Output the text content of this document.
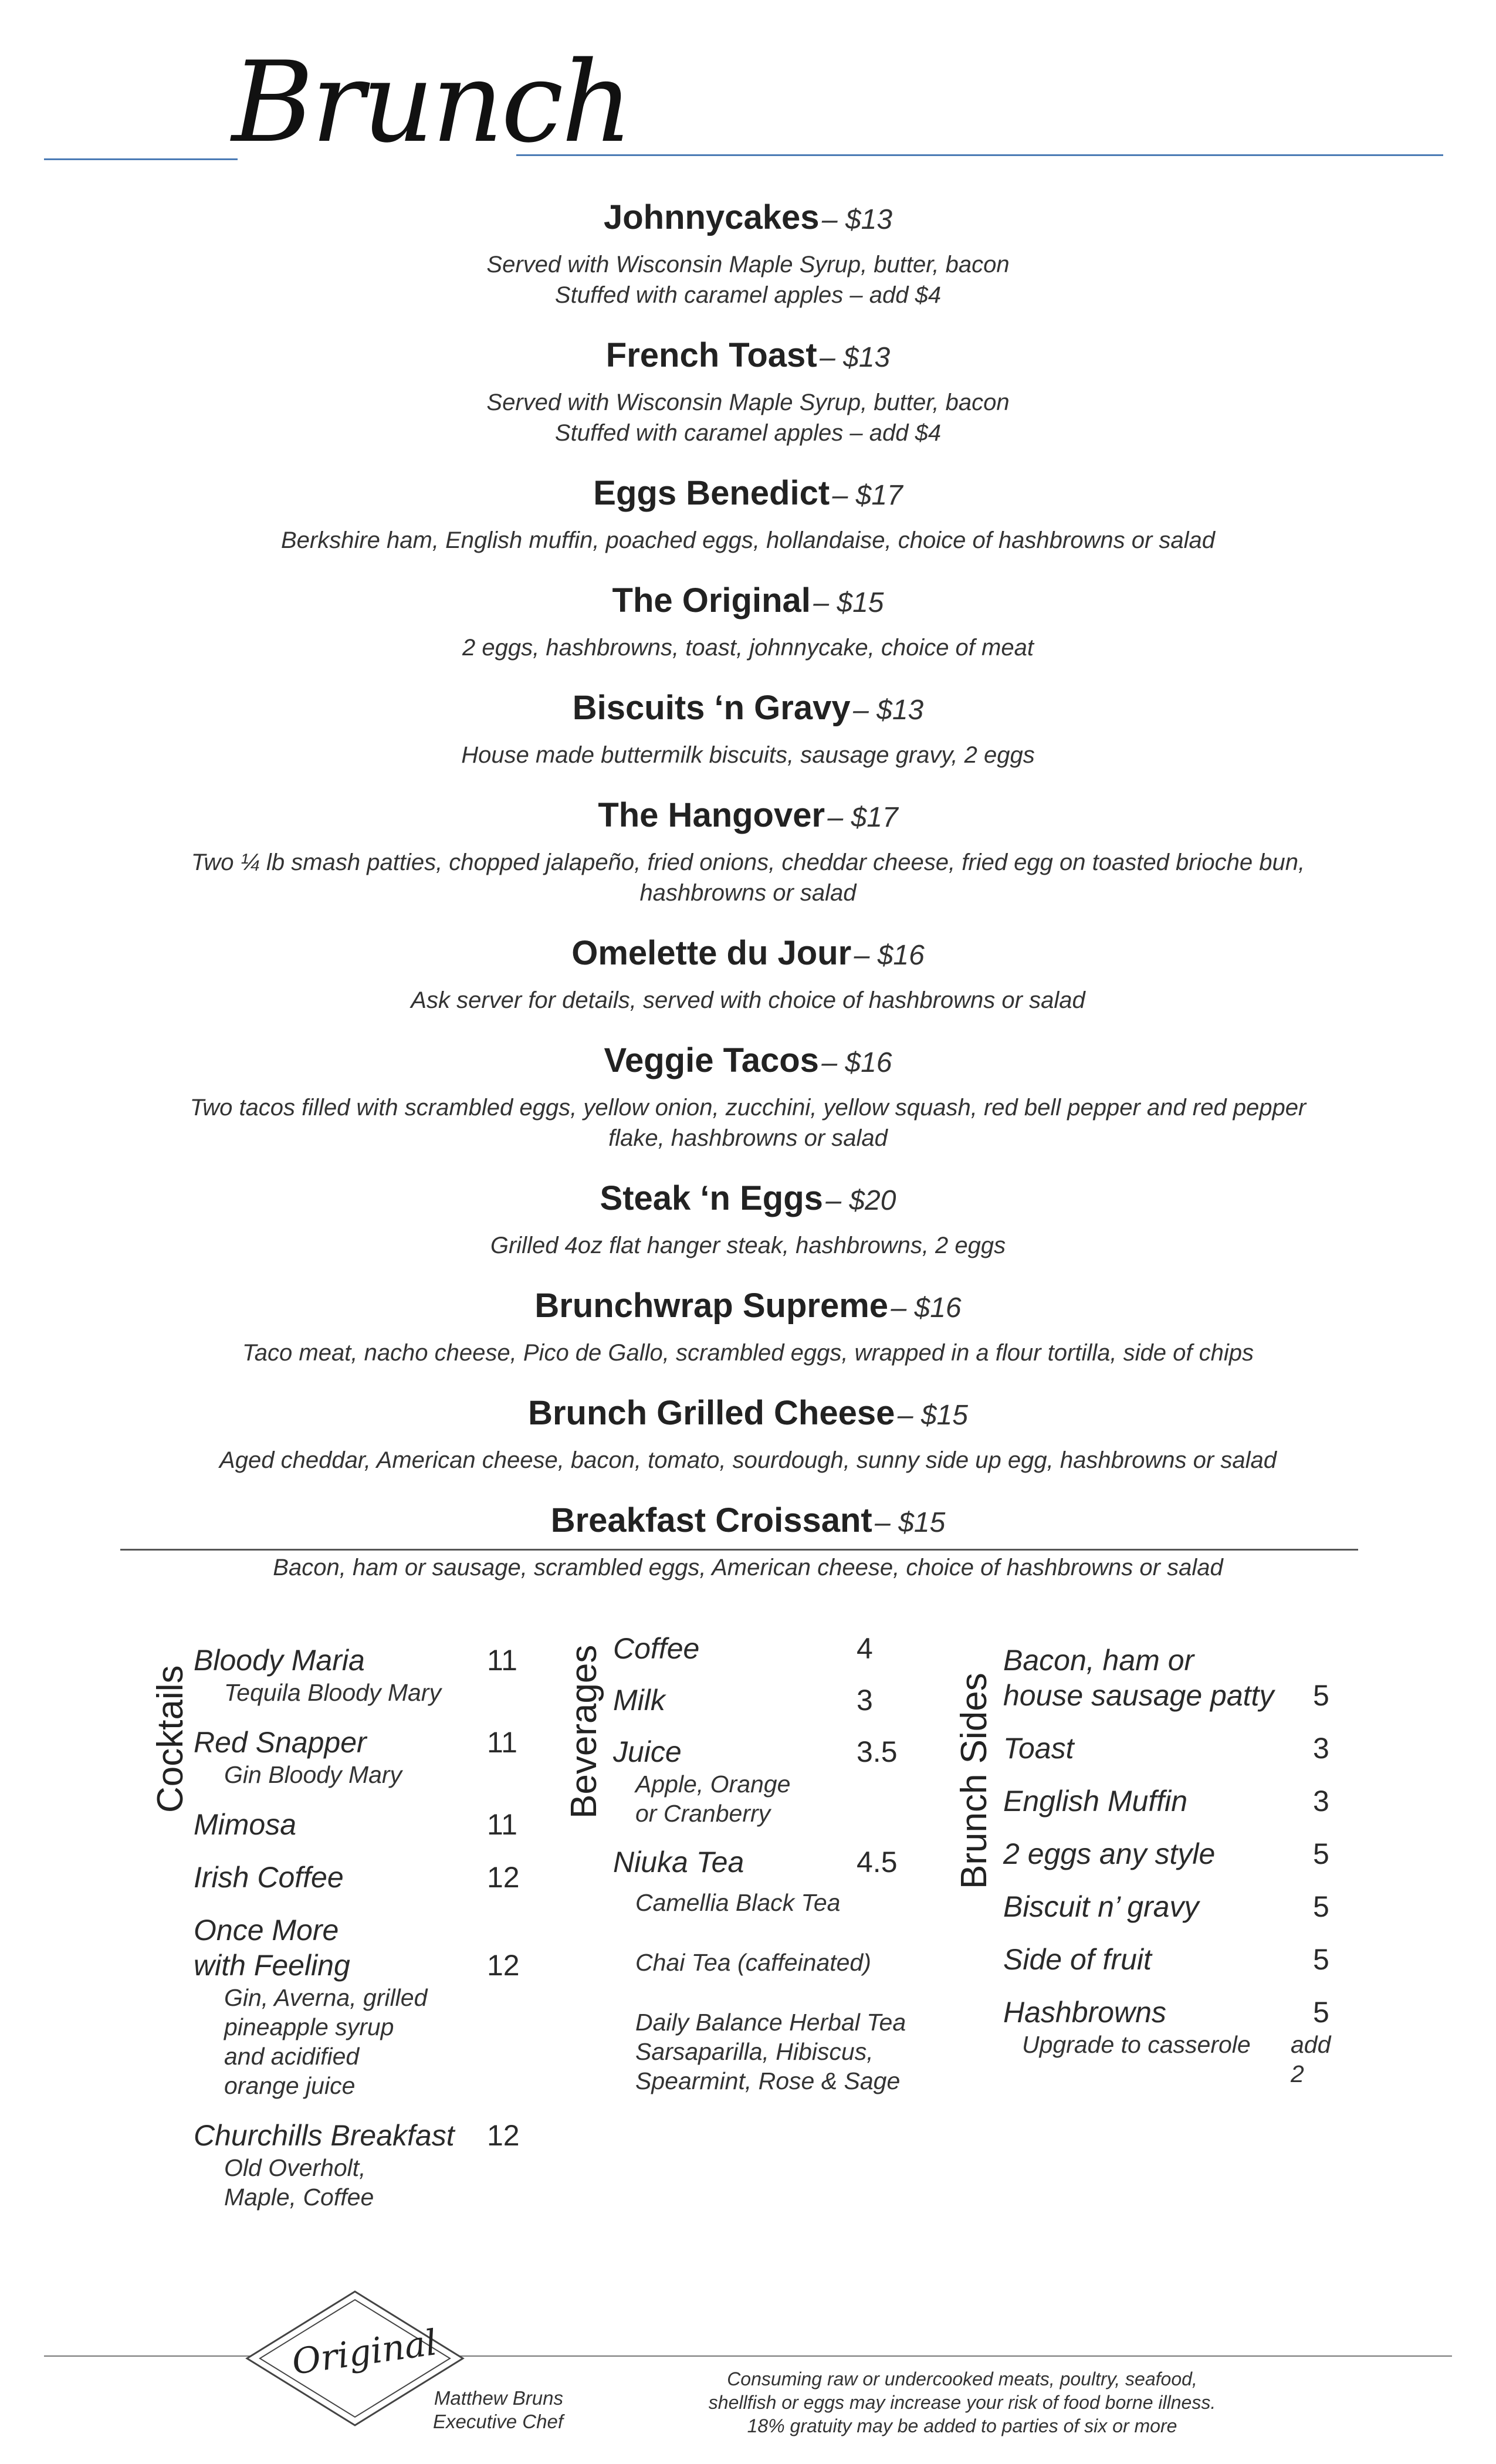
Brunch
Johnnycakes – $13
Served with Wisconsin Maple Syrup, butter, bacon
Stuffed with caramel apples – add $4
French Toast – $13
Served with Wisconsin Maple Syrup, butter, bacon
Stuffed with caramel apples – add $4
Eggs Benedict – $17
Berkshire ham, English muffin, poached eggs, hollandaise, choice of hashbrowns or salad
The Original – $15
2 eggs, hashbrowns, toast, johnnycake, choice of meat
Biscuits ‘n Gravy – $13
House made buttermilk biscuits, sausage gravy, 2 eggs
The Hangover – $17
Two ¼ lb smash patties, chopped jalapeño, fried onions, cheddar cheese, fried egg on toasted brioche bun,
hashbrowns or salad
Omelette du Jour – $16
Ask server for details, served with choice of hashbrowns or salad
Veggie Tacos – $16
Two tacos filled with scrambled eggs, yellow onion, zucchini, yellow squash, red bell pepper and red pepper
flake, hashbrowns or salad
Steak ‘n Eggs – $20
Grilled 4oz flat hanger steak, hashbrowns, 2 eggs
Brunchwrap Supreme – $16
Taco meat, nacho cheese, Pico de Gallo, scrambled eggs, wrapped in a flour tortilla, side of chips
Brunch Grilled Cheese – $15
Aged cheddar, American cheese, bacon, tomato, sourdough, sunny side up egg, hashbrowns or salad
Breakfast Croissant – $15
Bacon, ham or sausage, scrambled eggs, American cheese, choice of hashbrowns or salad
Cocktails	Beverages	Brunch Sides
Bloody Maria	11
Tequila Bloody Mary
Red Snapper	11
Gin Bloody Mary
Mimosa	11
Irish Coffee	12
Once More
with Feeling	12
Gin, Averna, grilled
pineapple syrup
and acidified
orange juice
Churchills Breakfast 12
Old Overholt,
Maple, Coffee
Coffee	4
Milk	3
Juice	3.5
Apple, Orange
or Cranberry
Niuka Tea	4.5
Camellia Black Tea
Chai Tea (caffeinated)
Daily Balance Herbal Tea
Sarsaparilla, Hibiscus,
Spearmint, Rose & Sage
Bacon, ham or
house sausage patty 5
Toast	3
English Muffin	3
2 eggs any style	5
Biscuit n’ gravy	5
Side of fruit	5
Hashbrowns	5
Upgrade to casserole add 2
Original
Matthew Bruns
Executive Chef
Consuming raw or undercooked meats, poultry, seafood,
shellfish or eggs may increase your risk of food borne illness.
18% gratuity may be added to parties of six or more
